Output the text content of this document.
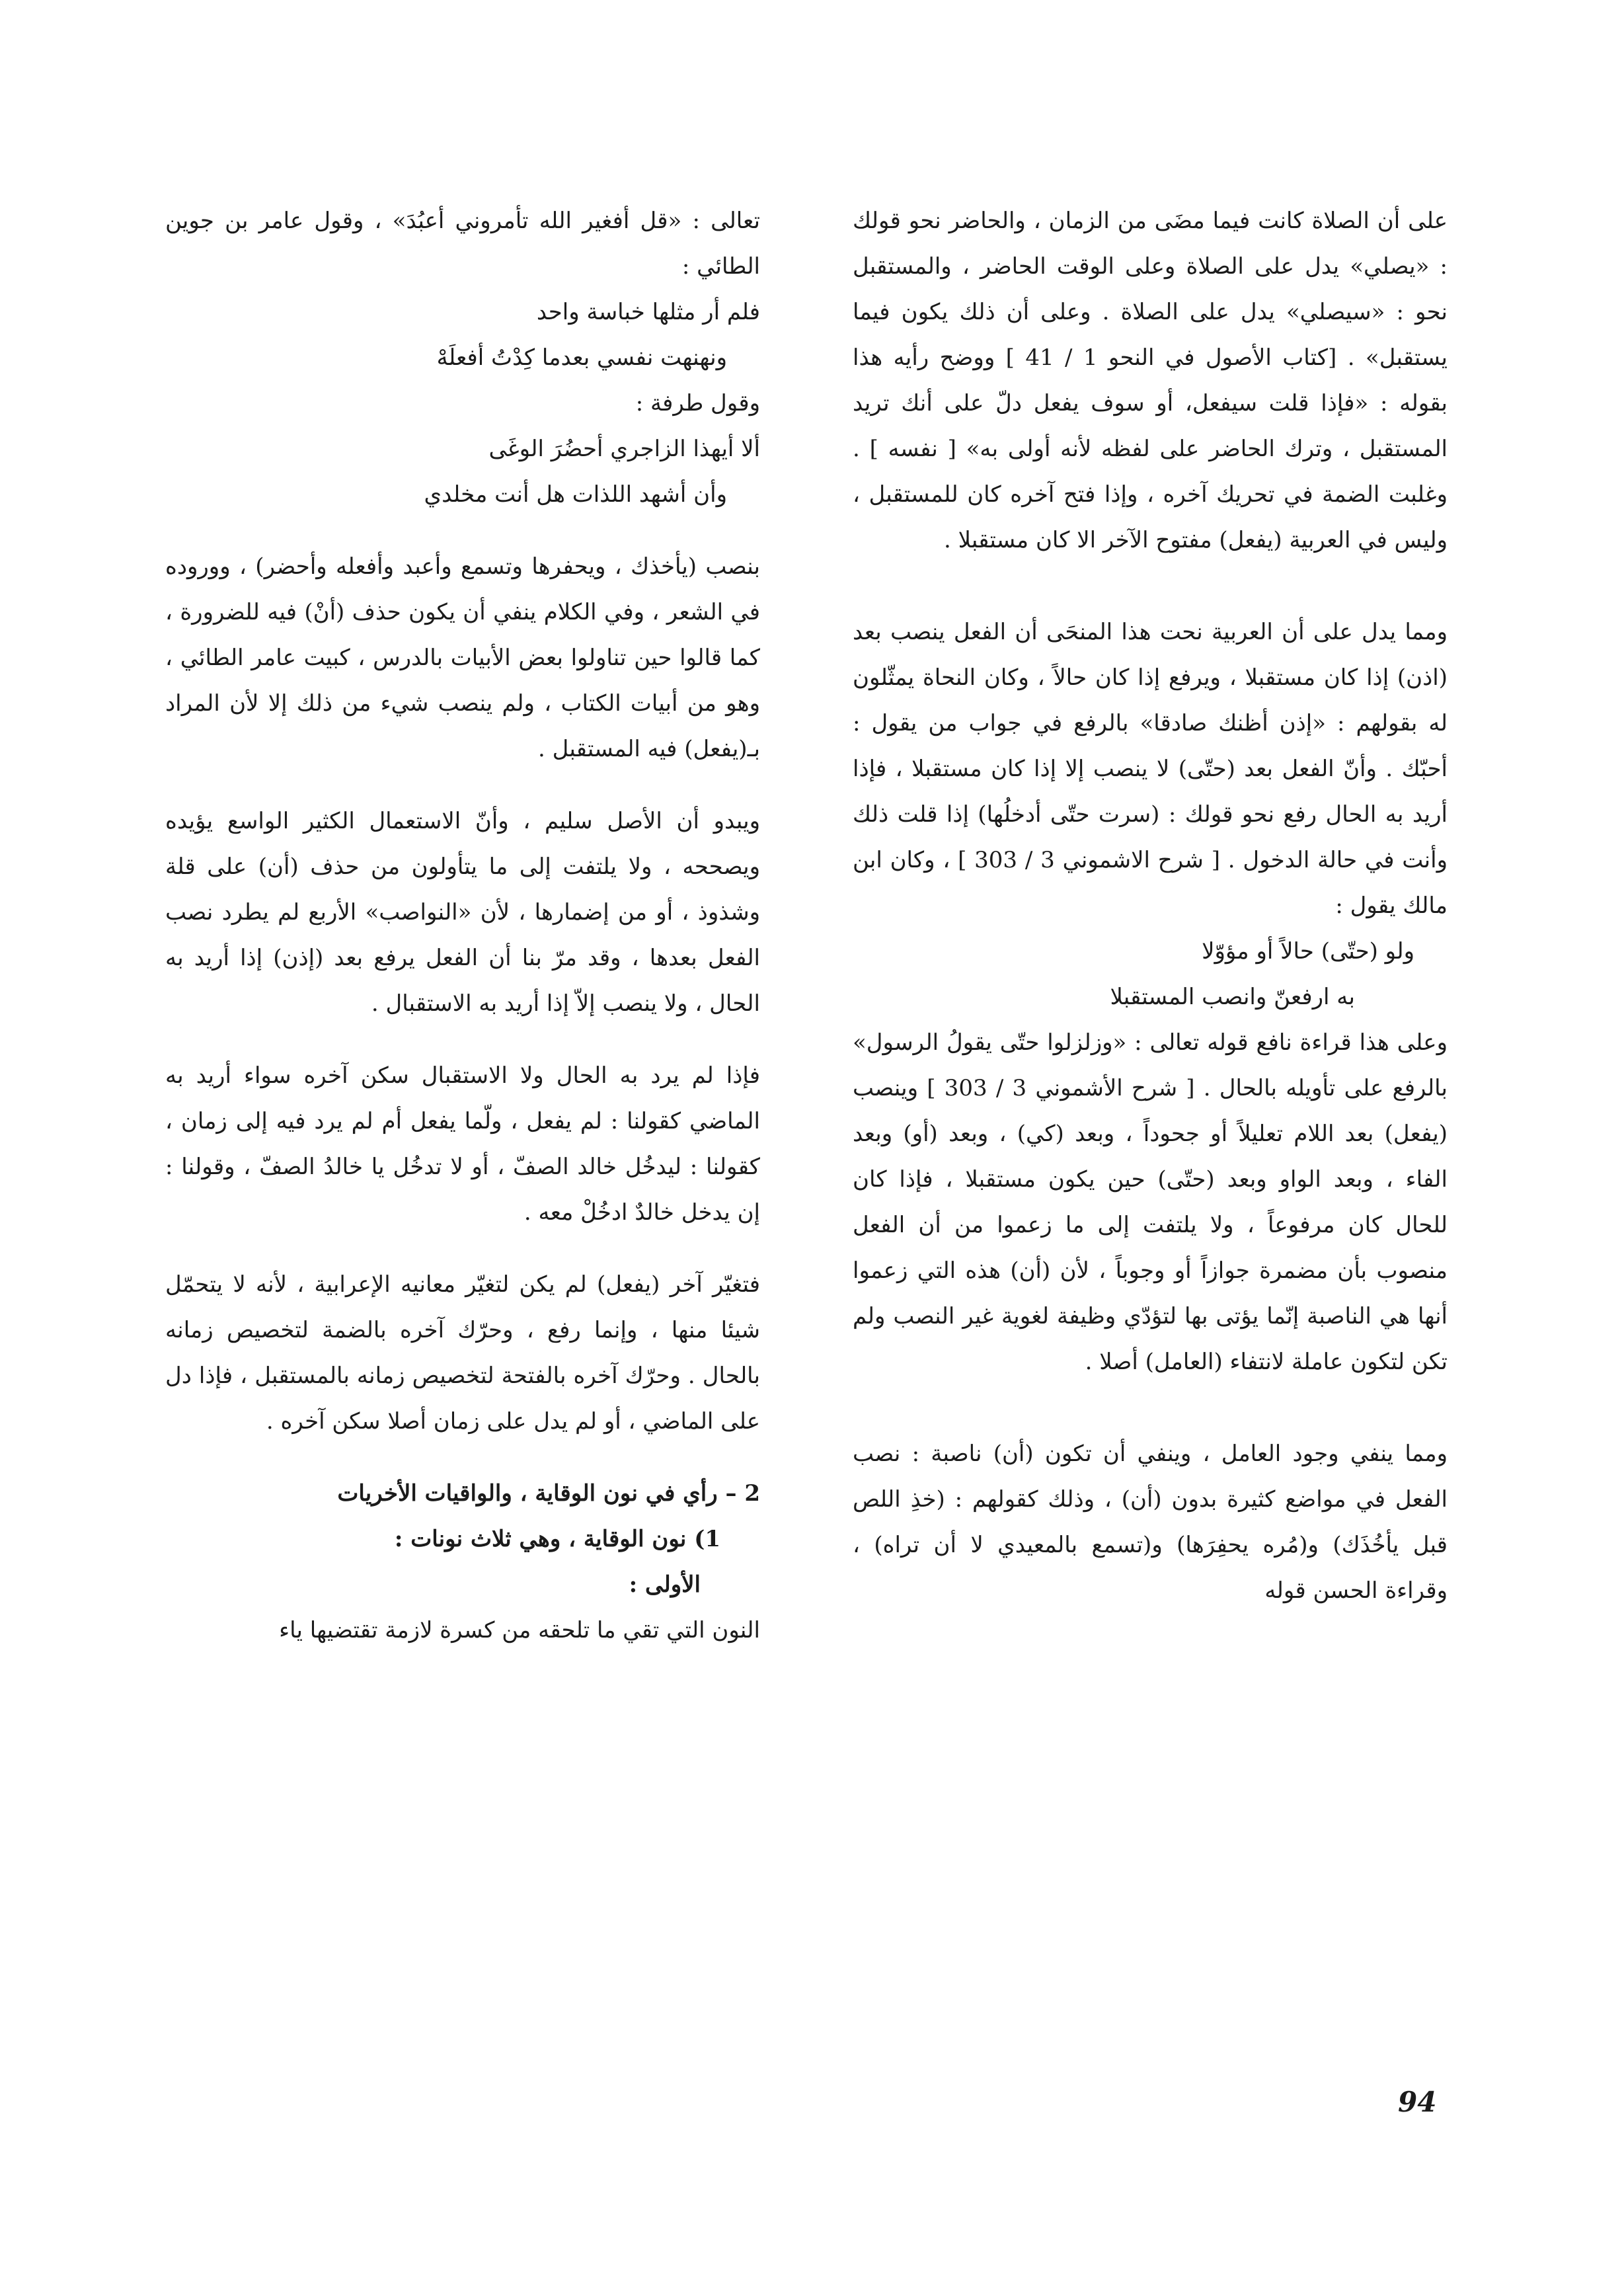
على أن الصلاة كانت فيما مضَى من الزمان ، والحاضر نحو قولك : «يصلي» يدل على الصلاة وعلى الوقت الحاضر ، والمستقبل نحو : «سيصلي» يدل على الصلاة . وعلى أن ذلك يكون فيما يستقبل» . [كتاب الأصول في النحو 1 / 41 ] ووضح رأيه هذا بقوله : «فإذا قلت سيفعل، أو سوف يفعل دلّ على أنك تريد المستقبل ، وترك الحاضر على لفظه لأنه أولى به» [ نفسه ] . وغلبت الضمة في تحريك آخره ، وإذا فتح آخره كان للمستقبل ، وليس في العربية (يفعل) مفتوح الآخر الا كان مستقبلا .

ومما يدل على أن العربية نحت هذا المنحَى أن الفعل ينصب بعد (اذن) إذا كان مستقبلا ، ويرفع إذا كان حالاً ، وكان النحاة يمثّلون له بقولهم : «إذن أظنك صادقا» بالرفع في جواب من يقول : أحبّك . وأنّ الفعل بعد (حتّى) لا ينصب إلا إذا كان مستقبلا ، فإذا أريد به الحال رفع نحو قولك : (سرت حتّى أدخلُها) إذا قلت ذلك وأنت في حالة الدخول . [ شرح الاشموني 3 / 303 ] ، وكان ابن مالك يقول :

ولو (حتّى) حالاً أو مؤوّلا

به ارفعنّ وانصب المستقبلا

وعلى هذا قراءة نافع قوله تعالى : «وزلزلوا حتّى يقولُ الرسول» بالرفع على تأويله بالحال . [ شرح الأشموني 3 / 303 ] وينصب (يفعل) بعد اللام تعليلاً أو جحوداً ، وبعد (كي) ، وبعد (أو) وبعد الفاء ، وبعد الواو وبعد (حتّى) حين يكون مستقبلا ، فإذا كان للحال كان مرفوعاً ، ولا يلتفت إلى ما زعموا من أن الفعل منصوب بأن مضمرة جوازاً أو وجوباً ، لأن (أن) هذه التي زعموا أنها هي الناصبة إنّما يؤتى بها لتؤدّي وظيفة لغوية غير النصب ولم تكن لتكون عاملة لانتفاء (العامل) أصلا .

ومما ينفي وجود العامل ، وينفي أن تكون (أن) ناصبة : نصب الفعل في مواضع كثيرة بدون (أن) ، وذلك كقولهم : (خذِ اللص قبل يأخُذَك) و(مُره يحفِرَها) و(تسمع بالمعيدي لا أن تراه) ، وقراءة الحسن قوله

تعالى : «قل أفغير الله تأمروني أعبُدَ» ، وقول عامر بن جوين الطائي :

فلم أر مثلها خباسة واحد

ونهنهت نفسي بعدما كِدْتُ أفعلَهْ

وقول طرفة :

ألا أيهذا الزاجري أحضُرَ الوغَى

وأن أشهد اللذات هل أنت مخلدي

بنصب (يأخذك ، ويحفرها وتسمع وأعبد وأفعله وأحضر) ، ووروده في الشعر ، وفي الكلام ينفي أن يكون حذف (أنْ) فيه للضرورة ، كما قالوا حين تناولوا بعض الأبيات بالدرس ، كبيت عامر الطائي ، وهو من أبيات الكتاب ، ولم ينصب شيء من ذلك إلا لأن المراد بـ(يفعل) فيه المستقبل .

ويبدو أن الأصل سليم ، وأنّ الاستعمال الكثير الواسع يؤيده ويصححه ، ولا يلتفت إلى ما يتأولون من حذف (أن) على قلة وشذوذ ، أو من إضمارها ، لأن «النواصب» الأربع لم يطرد نصب الفعل بعدها ، وقد مرّ بنا أن الفعل يرفع بعد (إذن) إذا أريد به الحال ، ولا ينصب إلاّ إذا أريد به الاستقبال .

فإذا لم يرد به الحال ولا الاستقبال سكن آخره سواء أريد به الماضي كقولنا : لم يفعل ، ولّما يفعل أم لم يرد فيه إلى زمان ، كقولنا : ليدخُل خالد الصفّ ، أو لا تدخُل يا خالدُ الصفّ ، وقولنا : إن يدخل خالدٌ ادخُلْ معه .

فتغيّر آخر (يفعل) لم يكن لتغيّر معانيه الإعرابية ، لأنه لا يتحمّل شيئا منها ، وإنما رفع ، وحرّك آخره بالضمة لتخصيص زمانه بالحال . وحرّك آخره بالفتحة لتخصيص زمانه بالمستقبل ، فإذا دل على الماضي ، أو لم يدل على زمان أصلا سكن آخره .

2 – رأي في نون الوقاية ، والواقيات الأخريات

1) نون الوقاية ، وهي ثلاث نونات :

الأولى :

النون التي تقي ما تلحقه من كسرة لازمة تقتضيها ياء

94
